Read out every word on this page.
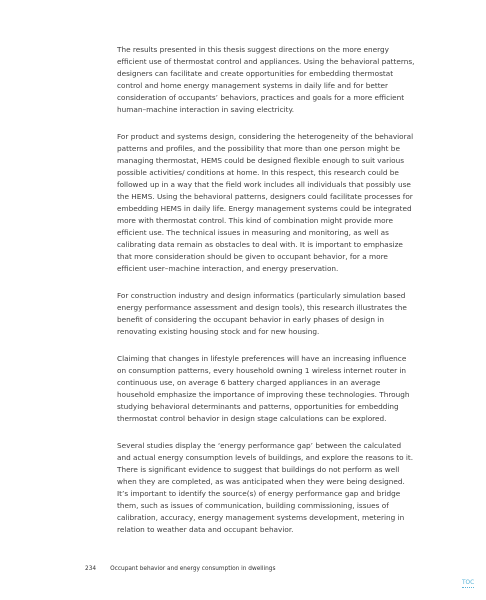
The results presented in this thesis suggest directions on the more energy efficient use of thermostat control and appliances. Using the behavioral patterns, designers can facilitate and create opportunities for embedding thermostat control and home energy management systems in daily life and for better consideration of occupants’ behaviors, practices and goals for a more efficient human–machine interaction in saving electricity.

For product and systems design, considering the heterogeneity of the behavioral patterns and profiles, and the possibility that more than one person might be managing thermostat, HEMS could be designed flexible enough to suit various possible activities/ conditions at home. In this respect, this research could be followed up in a way that the field work includes all individuals that possibly use the HEMS. Using the behavioral patterns, designers could facilitate processes for embedding HEMS in daily life. Energy management systems could be integrated more with thermostat control. This kind of combination might provide more efficient use. The technical issues in measuring and monitoring, as well as calibrating data remain as obstacles to deal with. It is important to emphasize that more consideration should be given to occupant behavior, for a more efficient user–machine interaction, and energy preservation.

For construction industry and design informatics (particularly simulation based energy performance assessment and design tools), this research illustrates the benefit of considering the occupant behavior in early phases of design in renovating existing housing stock and for new housing.

Claiming that changes in lifestyle preferences will have an increasing influence on consumption patterns, every household owning 1 wireless internet router in continuous use, on average 6 battery charged appliances in an average household emphasize the importance of improving these technologies. Through studying behavioral determinants and patterns, opportunities for embedding thermostat control behavior in design stage calculations can be explored.

Several studies display the ‘energy performance gap’ between the calculated and actual energy consumption levels of buildings, and explore the reasons to it. There is significant evidence to suggest that buildings do not perform as well when they are completed, as was anticipated when they were being designed. It’s important to identify the source(s) of energy performance gap and bridge them, such as issues of communication, building commissioning, issues of calibration, accuracy, energy management systems development, metering in relation to weather data and occupant behavior.

234 Occupant behavior and energy consumption in dwellings
TOC
